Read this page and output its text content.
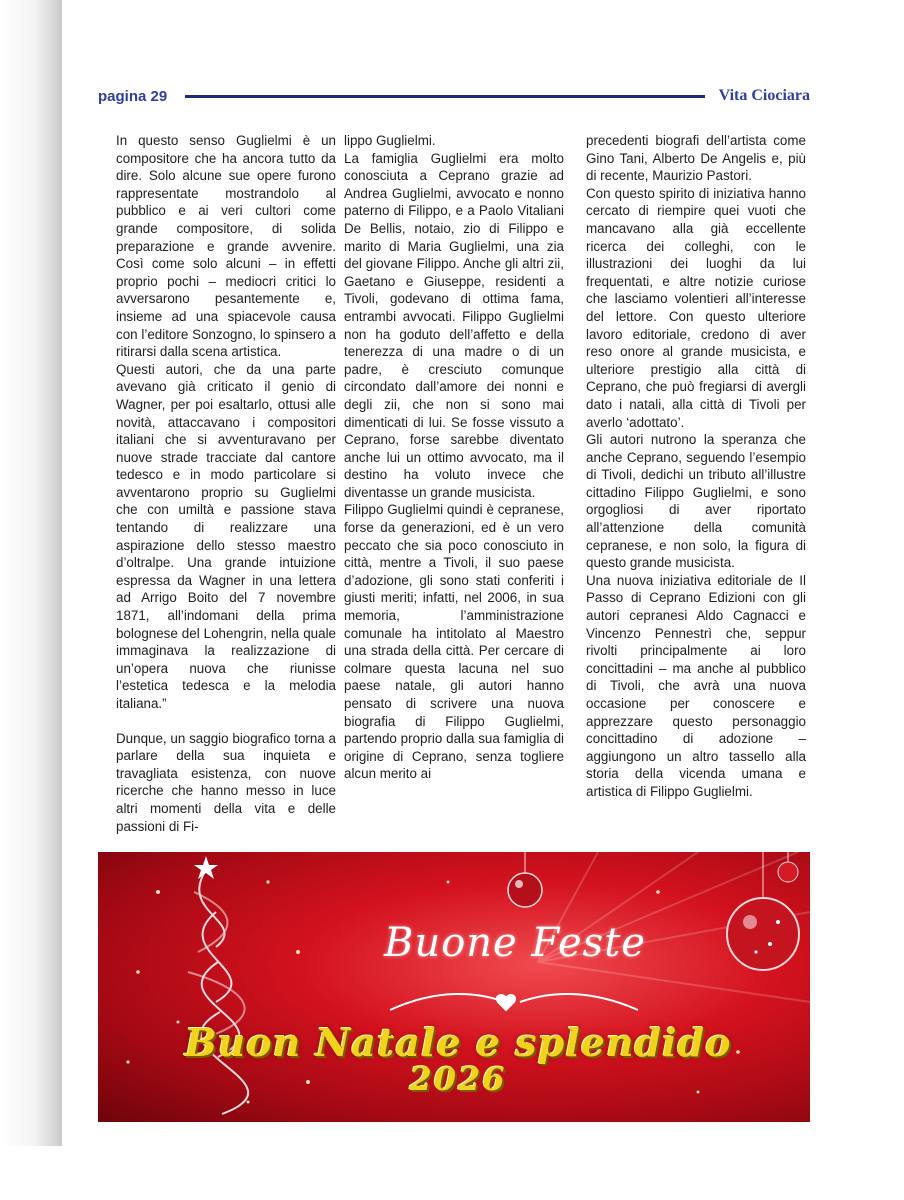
pagina 29	Vita Ciociara

In questo senso Guglielmi è un compositore che ha ancora tutto da dire. Solo alcune sue opere furono rappresentate mostrandolo al pubblico e ai veri cultori come grande compositore, di solida preparazione e grande avvenire. Così come solo alcuni – in effetti proprio pochi – mediocri critici lo avversarono pesantemente e, insieme ad una spiacevole causa con l’editore Sonzogno, lo spinsero a ritirarsi dalla scena artistica.

Questi autori, che da una parte avevano già criticato il genio di Wagner, per poi esaltarlo, ottusi alle novità, attaccavano i compositori italiani che si avventuravano per nuove strade tracciate dal cantore tedesco e in modo particolare si avventarono proprio su Guglielmi che con umiltà e passione stava tentando di realizzare una aspirazione dello stesso maestro d’oltralpe. Una grande intuizione espressa da Wagner in una lettera ad Arrigo Boito del 7 novembre 1871, all’indomani della prima bolognese del Lohengrin, nella quale immaginava la realizzazione di un’opera nuova che riunisse l’estetica tedesca e la melodia italiana.”

Dunque, un saggio biografico torna a parlare della sua inquieta e travagliata esistenza, con nuove ricerche che hanno messo in luce altri momenti della vita e delle passioni di Fi-

lippo Guglielmi.

La famiglia Guglielmi era molto conosciuta a Ceprano grazie ad Andrea Guglielmi, avvocato e nonno paterno di Filippo, e a Paolo Vitaliani De Bellis, notaio, zio di Filippo e marito di Maria Guglielmi, una zia del giovane Filippo. Anche gli altri zii, Gaetano e Giuseppe, residenti a Tivoli, godevano di ottima fama, entrambi avvocati. Filippo Guglielmi non ha goduto dell’affetto e della tenerezza di una madre o di un padre, è cresciuto comunque circondato dall’amore dei nonni e degli zii, che non si sono mai dimenticati di lui. Se fosse vissuto a Ceprano, forse sarebbe diventato anche lui un ottimo avvocato, ma il destino ha voluto invece che diventasse un grande musicista.

Filippo Guglielmi quindi è cepranese, forse da generazioni, ed è un vero peccato che sia poco conosciuto in città, mentre a Tivoli, il suo paese d’adozione, gli sono stati conferiti i giusti meriti; infatti, nel 2006, in sua memoria, l’amministrazione comunale ha intitolato al Maestro una strada della città. Per cercare di colmare questa lacuna nel suo paese natale, gli autori hanno pensato di scrivere una nuova biografia di Filippo Guglielmi, partendo proprio dalla sua famiglia di origine di Ceprano, senza togliere alcun merito ai

precedenti biografi dell’artista come Gino Tani, Alberto De Angelis e, più di recente, Maurizio Pastori.

Con questo spirito di iniziativa hanno cercato di riempire quei vuoti che mancavano alla già eccellente ricerca dei colleghi, con le illustrazioni dei luoghi da lui frequentati, e altre notizie curiose che lasciamo volentieri all’interesse del lettore. Con questo ulteriore lavoro editoriale, credono di aver reso onore al grande musicista, e ulteriore prestigio alla città di Ceprano, che può fregiarsi di avergli dato i natali, alla città di Tivoli per averlo ‘adottato’.

Gli autori nutrono la speranza che anche Ceprano, seguendo l’esempio di Tivoli, dedichi un tributo all’illustre cittadino Filippo Guglielmi, e sono orgogliosi di aver riportato all’attenzione della comunità cepranese, e non solo, la figura di questo grande musicista.

Una nuova iniziativa editoriale de Il Passo di Ceprano Edizioni con gli autori cepranesi Aldo Cagnacci e Vincenzo Pennestrì che, seppur rivolti principalmente ai loro concittadini – ma anche al pubblico di Tivoli, che avrà una nuova occasione per conoscere e apprezzare questo personaggio concittadino di adozione – aggiungono un altro tassello alla storia della vicenda umana e artistica di Filippo Guglielmi.

Buone Feste
Buon Natale e splendido
2026
